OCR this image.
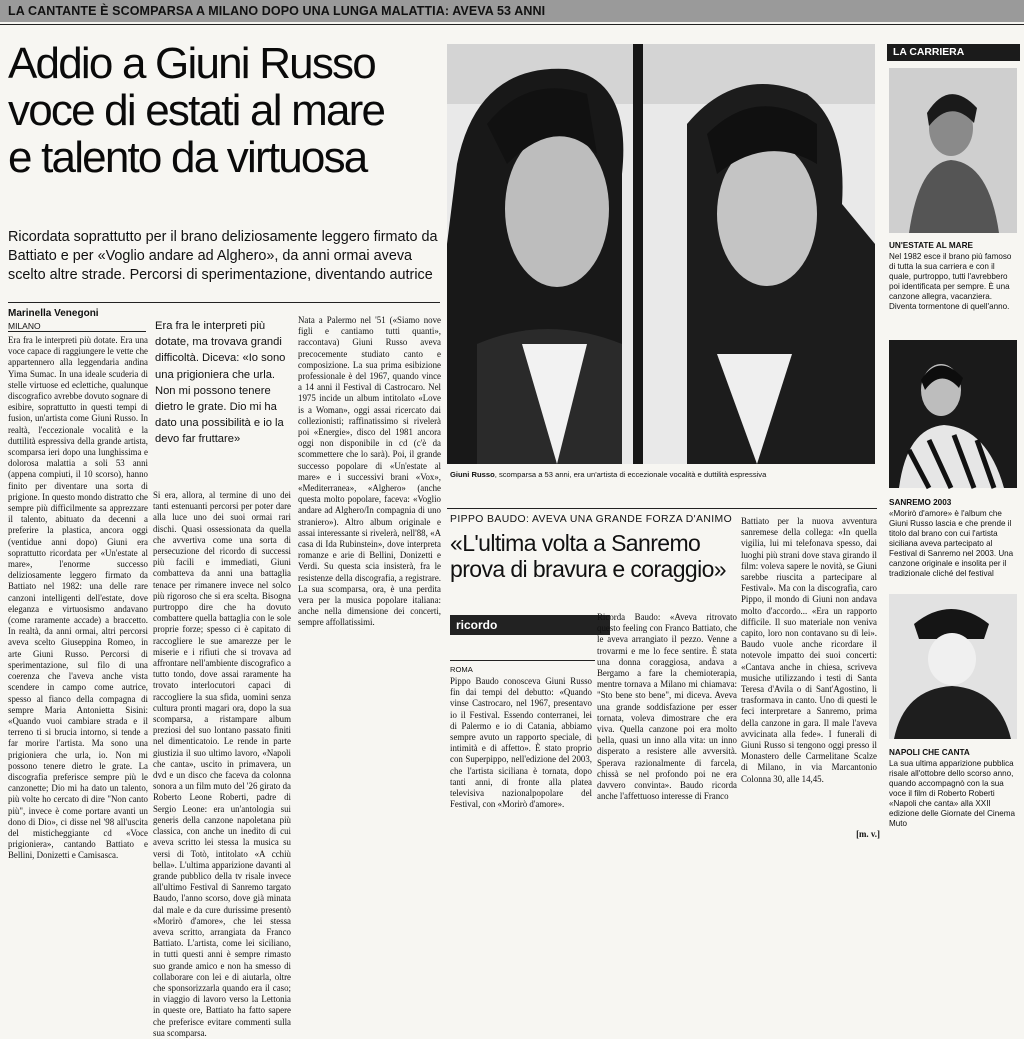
LA CANTANTE È SCOMPARSA A MILANO DOPO UNA LUNGA MALATTIA: AVEVA 53 ANNI
Addio a Giuni Russo
voce di estati al mare
e talento da virtuosa
Ricordata soprattutto per il brano deliziosamente leggero firmato da Battiato e per «Voglio andare ad Alghero», da anni ormai aveva scelto altre strade. Percorsi di sperimentazione, diventando autrice
Marinella Venegoni
MILANO	Era fra le interpreti più dotate, ma trovava grandi difficoltà. Diceva: «Io sono una prigioniera che urla. Non mi possono tenere dietro le grate. Dio mi ha dato una possibilità e io la devo far fruttare»
Era fra le interpreti più dotate. Era una voce capace di raggiungere le vette che appartennero alla leggendaria andina Yima Sumac. In una ideale scuderia di stelle virtuose ed eclettiche, qualunque discografico avrebbe dovuto sognare di esibire, soprattutto in questi tempi di fusion, un'artista come Giuni Russo. In realtà, l'eccezionale vocalità e la duttilità espressiva della grande artista, scomparsa ieri dopo una lunghissima e dolorosa malattia a soli 53 anni (appena compiuti, il 10 scorso), hanno finito per diventare una sorta di prigione. In questo mondo distratto che sempre più difficilmente sa apprezzare il talento, abituato da decenni a preferire la plastica, ancora oggi (ventidue anni dopo) Giuni era soprattutto ricordata per «Un'estate al mare», l'enorme successo deliziosamente leggero firmato da Battiato nel 1982: una delle rare canzoni intelligenti dell'estate, dove eleganza e virtuosismo andavano (come raramente accade) a braccetto. In realtà, da anni ormai, altri percorsi aveva scelto Giuseppina Romeo, in arte Giuni Russo. Percorsi di sperimentazione, sul filo di una coerenza che l'aveva anche vista scendere in campo come autrice, spesso al fianco della compagna di sempre Maria Antonietta Sisini: «Quando vuoi cambiare strada e il terreno ti si brucia intorno, si tende a far morire l'artista. Ma sono una prigioniera che urla, io. Non mi possono tenere dietro le grate. La discografia preferisce sempre più le canzonette; Dio mi ha dato un talento, più volte ho cercato di dire "Non canto più", invece è come portare avanti un dono di Dio», ci disse nel '98 all'uscita del misticheggiante cd «Voce prigioniera», cantando Battiato e Bellini, Donizetti e Camisasca.
Si era, allora, al termine di uno dei tanti estenuanti percorsi per poter dare alla luce uno dei suoi ormai rari dischi. Quasi ossessionata da quella che avvertiva come una sorta di persecuzione del ricordo di successi più facili e immediati, Giuni combatteva da anni una battaglia tenace per rimanere invece nel solco più rigoroso che si era scelta. Bisogna purtroppo dire che ha dovuto combattere quella battaglia con le sole proprie forze; spesso ci è capitato di raccogliere le sue amarezze per le miserie e i rifiuti che si trovava ad affrontare nell'ambiente discografico a tutto tondo, dove assai raramente ha trovato interlocutori capaci di raccogliere la sua sfida, uomini senza cultura pronti magari ora, dopo la sua scomparsa, a ristampare album preziosi del suo lontano passato finiti nel dimenticatoio. Le rende in parte giustizia il suo ultimo lavoro, «Napoli che canta», uscito in primavera, un dvd e un disco che faceva da colonna sonora a un film muto del '26 girato da Roberto Leone Roberti, padre di Sergio Leone: era un'antologia sui generis della canzone napoletana più classica, con anche un inedito di cui aveva scritto lei stessa la musica su versi di Totò, intitolato «A cchiù bella». L'ultima apparizione davanti al grande pubblico della tv risale invece all'ultimo Festival di Sanremo targato Baudo, l'anno scorso, dove già minata dal male e da cure durissime presentò «Morirò d'amore», che lei stessa aveva scritto, arrangiata da Franco Battiato. L'artista, come lei siciliano, in tutti questi anni è sempre rimasto suo grande amico e non ha smesso di collaborare con lei e di aiutarla, oltre che sponsorizzarla quando era il caso; in viaggio di lavoro verso la Lettonia in queste ore, Battiato ha fatto sapere che preferisce evitare commenti sulla sua scomparsa.
Nata a Palermo nel '51 («Siamo nove figli e cantiamo tutti quanti», raccontava) Giuni Russo aveva precocemente studiato canto e composizione. La sua prima esibizione professionale è del 1967, quando vince a 14 anni il Festival di Castrocaro. Nel 1975 incide un album intitolato «Love is a Woman», oggi assai ricercato dai collezionisti; raffinatissimo si rivelerà poi «Energie», disco del 1981 ancora oggi non disponibile in cd (c'è da scommettere che lo sarà). Poi, il grande successo popolare di «Un'estate al mare» e i successivi brani «Vox», «Mediterranea», «Alghero» (anche questa molto popolare, faceva: «Voglio andare ad Alghero/In compagnia di uno straniero»). Altro album originale e assai interessante si rivelerà, nell'88, «A casa di Ida Rubinstein», dove interpreta romanze e arie di Bellini, Donizetti e Verdi. Su questa scia insisterà, fra le resistenze della discografia, a registrare. La sua scomparsa, ora, è una perdita vera per la musica popolare italiana: anche nella dimensione dei concerti, sempre affollatissimi.
Giuni Russo, scomparsa a 53 anni, era un'artista di eccezionale vocalità e duttilità espressiva
PIPPO BAUDO: AVEVA UNA GRANDE FORZA D'ANIMO
«L'ultima volta a Sanremo prova di bravura e coraggio»
ricordo
ROMA
Pippo Baudo conosceva Giuni Russo fin dai tempi del debutto: «Quando vinse Castrocaro, nel 1967, presentavo io il Festival. Essendo conterranei, lei di Palermo e io di Catania, abbiamo sempre avuto un rapporto speciale, di intimità e di affetto». È stato proprio con Superpippo, nell'edizione del 2003, che l'artista siciliana è tornata, dopo tanti anni, di fronte alla platea televisiva nazionalpopolare del Festival, con «Morirò d'amore».
Ricorda Baudo: «Aveva ritrovato questo feeling con Franco Battiato, che le aveva arrangiato il pezzo. Venne a trovarmi e me lo fece sentire. È stata una donna coraggiosa, andava a Bergamo a fare la chemioterapia, mentre tornava a Milano mi chiamava: "Sto bene sto bene", mi diceva. Aveva una grande soddisfazione per esser tornata, voleva dimostrare che era viva. Quella canzone poi era molto bella, quasi un inno alla vita: un inno disperato a resistere alle avversità. Sperava razionalmente di farcela, chissà se nel profondo poi ne era davvero convinta». Baudo ricorda anche l'affettuoso interesse di Franco
Battiato per la nuova avventura sanremese della collega: «In quella vigilia, lui mi telefonava spesso, dai luoghi più strani dove stava girando il film: voleva sapere le novità, se Giuni sarebbe riuscita a partecipare al Festival». Ma con la discografia, caro Pippo, il mondo di Giuni non andava molto d'accordo... «Era un rapporto difficile. Il suo materiale non veniva capito, loro non contavano su di lei». Baudo vuole anche ricordare il notevole impatto dei suoi concerti: «Cantava anche in chiesa, scriveva musiche utilizzando i testi di Santa Teresa d'Avila o di Sant'Agostino, li trasformava in canto. Uno di questi le feci interpretare a Sanremo, prima della canzone in gara. Il male l'aveva avvicinata alla fede». I funerali di Giuni Russo si tengono oggi presso il Monastero delle Carmelitane Scalze di Milano, in via Marcantonio Colonna 30, alle 14,45.
[m. v.]
LA CARRIERA
UN'ESTATE AL MARE
Nel 1982 esce il brano più famoso di tutta la sua carriera e con il quale, purtroppo, tutti l'avrebbero poi identificata per sempre. È una canzone allegra, vacanziera. Diventa tormentone di quell'anno.
SANREMO 2003
«Morirò d'amore» è l'album che Giuni Russo lascia e che prende il titolo dal brano con cui l'artista siciliana aveva partecipato al Festival di Sanremo nel 2003. Una canzone originale e insolita per il tradizionale cliché del festival
NAPOLI CHE CANTA
La sua ultima apparizione pubblica risale all'ottobre dello scorso anno, quando accompagnò con la sua voce il film di Roberto Roberti «Napoli che canta» alla XXII edizione delle Giornate del Cinema Muto
